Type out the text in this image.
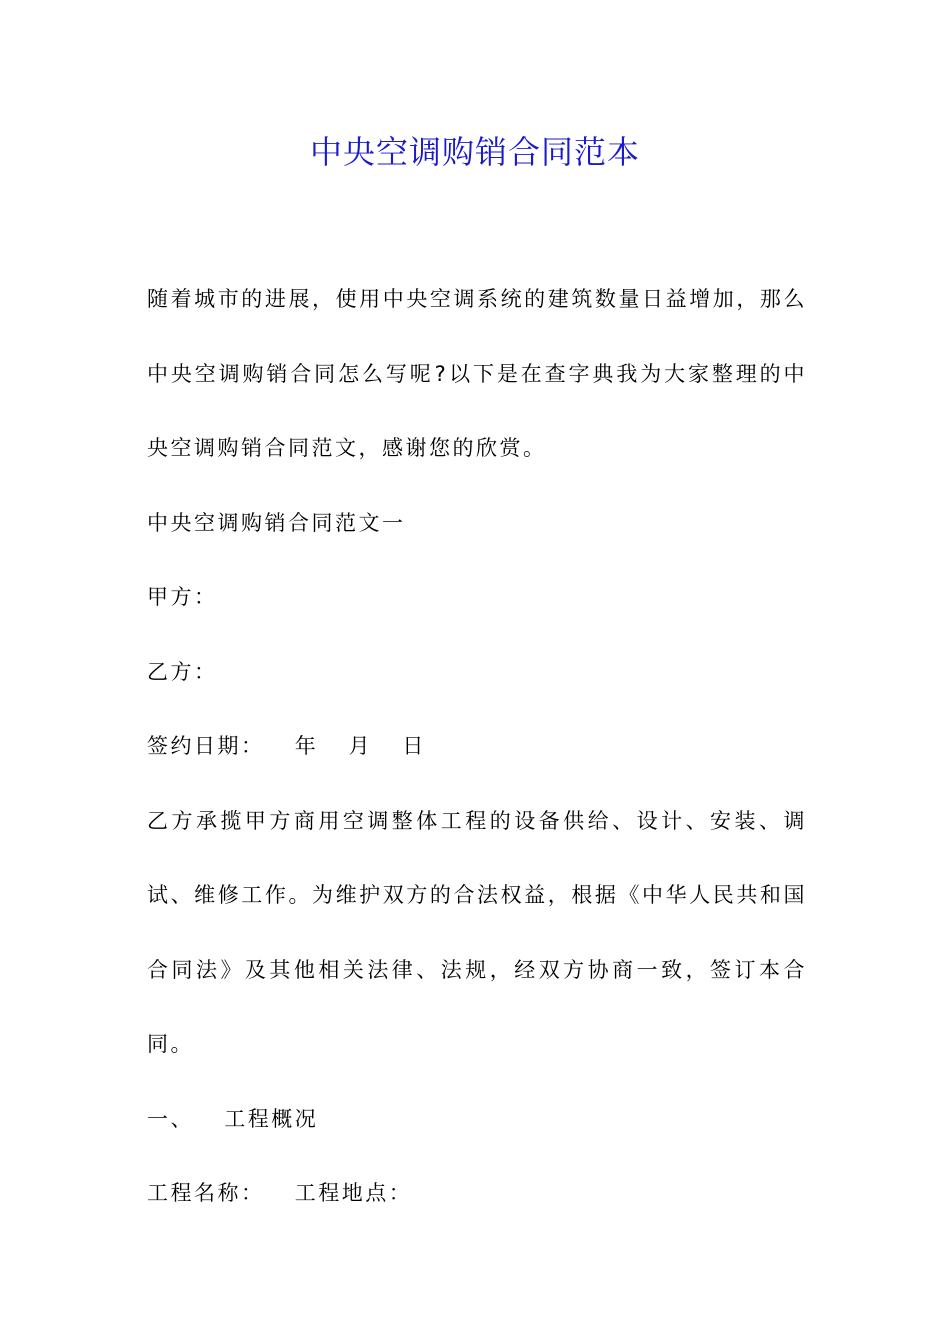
中央空调购销合同范本

随着城市的进展，使用中央空调系统的建筑数量日益增加，那么中央空调购销合同怎么写呢?以下是在查字典我为大家整理的中央空调购销合同范文，感谢您的欣赏。

中央空调购销合同范文一

甲方：

乙方：

签约日期：  年  月  日

乙方承揽甲方商用空调整体工程的设备供给、设计、安装、调试、维修工作。为维护双方的合法权益，根据《中华人民共和国合同法》及其他相关法律、法规，经双方协商一致，签订本合同。

一、  工程概况

工程名称：  工程地点：
